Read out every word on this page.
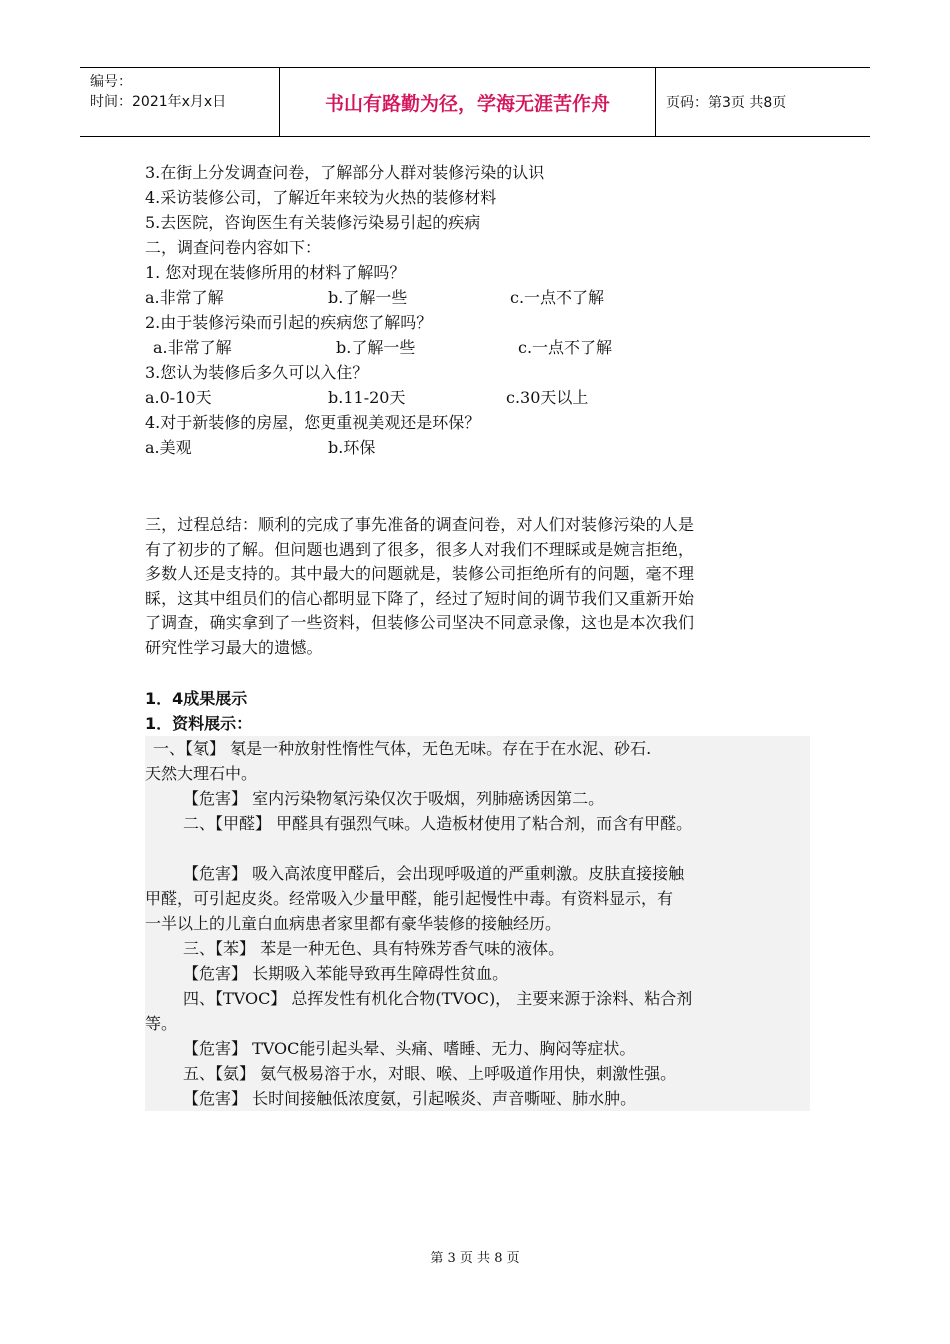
编号：
时间：2021年x月x日	书山有路勤为径，学海无涯苦作舟	页码：第3页 共8页
3.在街上分发调查问卷，了解部分人群对装修污染的认识
4.采访装修公司，了解近年来较为火热的装修材料
5.去医院，咨询医生有关装修污染易引起的疾病
二，调查问卷内容如下：
1. 您对现在装修所用的材料了解吗？
a.非常了解	b.了解一些	c.一点不了解
2.由于装修污染而引起的疾病您了解吗？
a.非常了解	b.了解一些	c.一点不了解
3.您认为装修后多久可以入住？
a.0-10天	b.11-20天	c.30天以上
4.对于新装修的房屋，您更重视美观还是环保？
a.美观	b.环保
三，过程总结：顺利的完成了事先准备的调查问卷，对人们对装修污染的人是
有了初步的了解。但问题也遇到了很多，很多人对我们不理睬或是婉言拒绝，
多数人还是支持的。其中最大的问题就是，装修公司拒绝所有的问题，毫不理
睬，这其中组员们的信心都明显下降了，经过了短时间的调节我们又重新开始
了调查，确实拿到了一些资料，但装修公司坚决不同意录像，这也是本次我们
研究性学习最大的遗憾。
1．4成果展示
1．资料展示：
一、【氡】 氡是一种放射性惰性气体，无色无味。存在于在水泥、砂石.
天然大理石中。
【危害】 室内污染物氡污染仅次于吸烟，列肺癌诱因第二。
二、【甲醛】 甲醛具有强烈气味。人造板材使用了粘合剂，而含有甲醛。
【危害】 吸入高浓度甲醛后，会出现呼吸道的严重刺激。皮肤直接接触
甲醛，可引起皮炎。经常吸入少量甲醛，能引起慢性中毒。有资料显示，有
一半以上的儿童白血病患者家里都有豪华装修的接触经历。
三、【苯】 苯是一种无色、具有特殊芳香气味的液体。
【危害】 长期吸入苯能导致再生障碍性贫血。
四、【TVOC】 总挥发性有机化合物(TVOC)， 主要来源于涂料、粘合剂
等。
【危害】 TVOC能引起头晕、头痛、嗜睡、无力、胸闷等症状。
五、【氨】 氨气极易溶于水，对眼、喉、上呼吸道作用快，刺激性强。
【危害】 长时间接触低浓度氨，引起喉炎、声音嘶哑、肺水肿。
第 3 页 共 8 页
